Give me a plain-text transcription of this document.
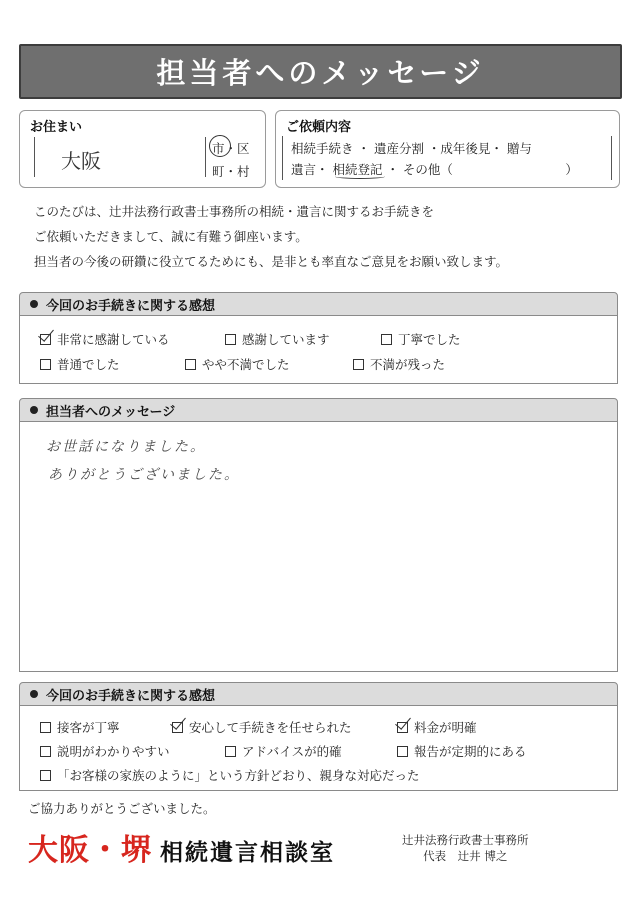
担当者へのメッセージ
お住まい
大阪
市・区
町・村
ご依頼内容
相続手続き ・ 遺産分割 ・成年後見・ 贈与
遺言・ 相続登記 ・ その他（　　　　　　　　　）
このたびは、辻井法務行政書士事務所の相続・遺言に関するお手続きを
ご依頼いただきまして、誠に有難う御座います。
担当者の今後の研鑽に役立てるためにも、是非とも率直なご意見をお願い致します。
今回のお手続きに関する感想
非常に感謝している	感謝しています	丁寧でした
普通でした	やや不満でした	不満が残った
担当者へのメッセージ
お世話になりました。
ありがとうございました。
今回のお手続きに関する感想
接客が丁寧	安心して手続きを任せられた	料金が明確
説明がわかりやすい	アドバイスが的確	報告が定期的にある
「お客様の家族のように」という方針どおり、親身な対応だった
ご協力ありがとうございました。
大阪・堺 相続遺言相談室	辻井法務行政書士事務所
代表　辻井 博之
